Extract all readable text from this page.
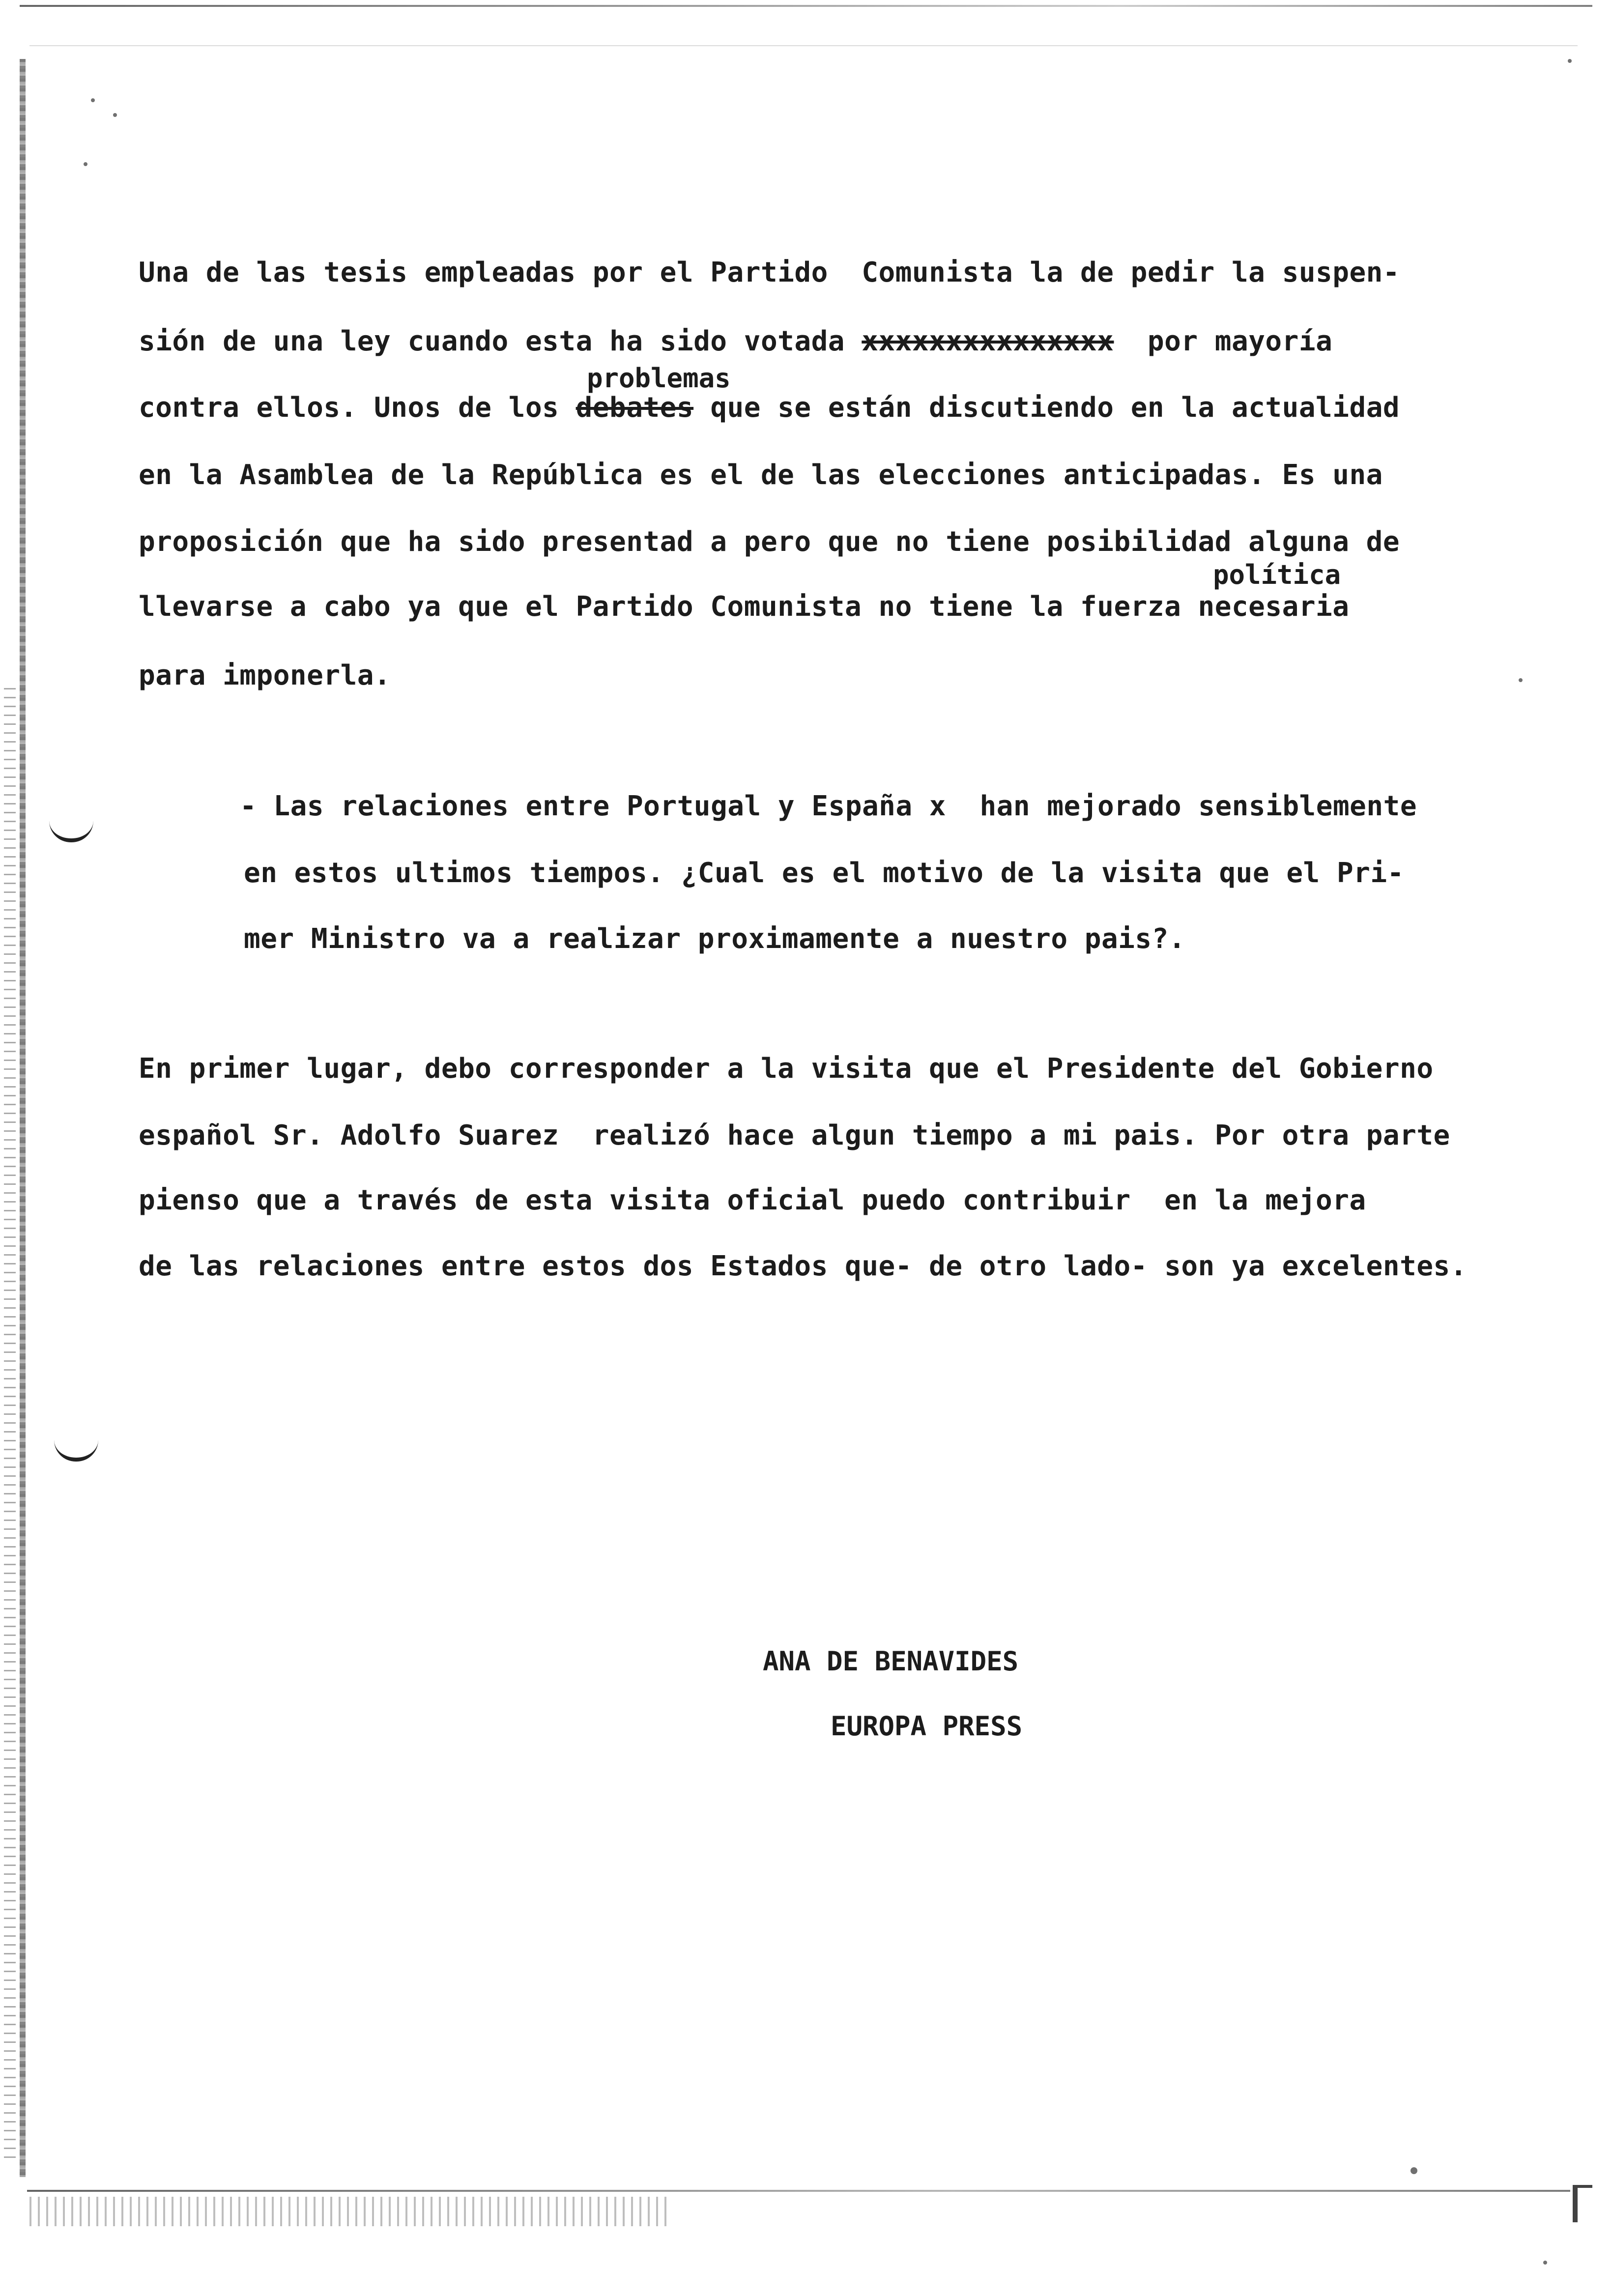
Una de las tesis empleadas por el Partido  Comunista la de pedir la suspen-
sión de una ley cuando esta ha sido votada xxxxxxxxxxxxxxx  por mayoría
problemas
contra ellos. Unos de los debates que se están discutiendo en la actualidad
en la Asamblea de la República es el de las elecciones anticipadas. Es una
proposición que ha sido presentad a pero que no tiene posibilidad alguna de
política
llevarse a cabo ya que el Partido Comunista no tiene la fuerza necesaria
para imponerla.
- Las relaciones entre Portugal y España x  han mejorado sensiblemente
en estos ultimos tiempos. ¿Cual es el motivo de la visita que el Pri-
mer Ministro va a realizar proximamente a nuestro pais?.
En primer lugar, debo corresponder a la visita que el Presidente del Gobierno
español Sr. Adolfo Suarez  realizó hace algun tiempo a mi pais. Por otra parte
pienso que a través de esta visita oficial puedo contribuir  en la mejora
de las relaciones entre estos dos Estados que- de otro lado- son ya excelentes.
ANA DE BENAVIDES
EUROPA PRESS
